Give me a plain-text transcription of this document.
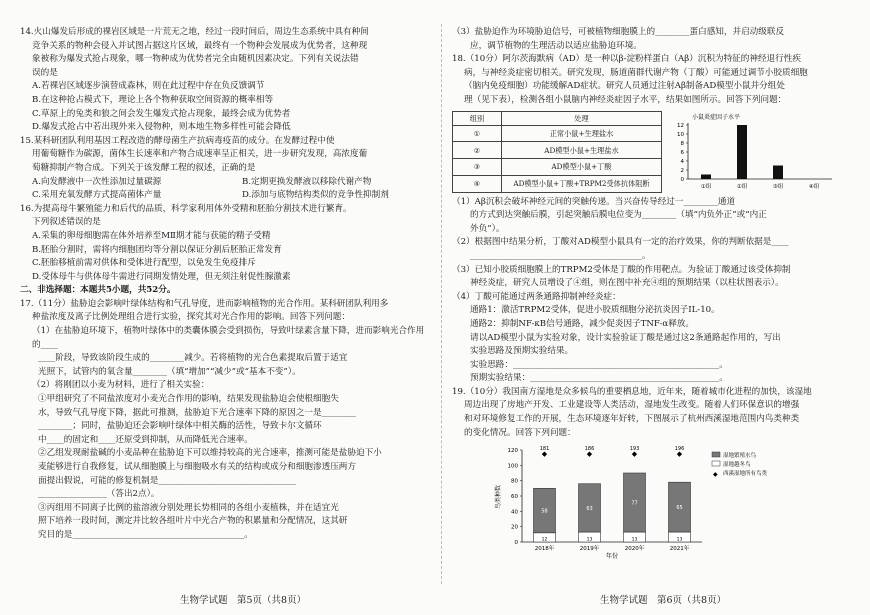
14.火山爆发后形成的裸岩区域是一片荒无之地，经过一段时间后，周边生态系统中具有种间

竞争关系的物种会侵入并试图占据这片区域，最终有一个物种会发展成为优势者，这种现

象被称为爆发式抢占现象，哪一物种成为优势者完全由随机因素决定。下列有关说法错

误的是

A.若裸岩区域逐步演替成森林，则在此过程中存在负反馈调节

B.在这种抢占模式下，理论上各个物种获取空间资源的概率相等

C.草原上的兔类和狼之间会发生爆发式抢占现象，最终会成为优势者

D.爆发式抢占中若出现外来入侵物种，则本地生物多样性可能会降低

15.某科研团队利用基因工程改造的酵母菌生产抗病毒疫苗的成分。在发酵过程中使

用葡萄糖作为碳源，菌体生长速率和产物合成速率呈正相关，进一步研究发现，高浓度葡

萄糖抑制产物合成。下列关于该发酵工程的叙述，正确的是

A.向发酵液中一次性添加过量碳源	B.定期更换发酵液以移除代谢产物

C.采用充氧发酵方式提高菌体产量	D.添加与底物结构类似的竞争性抑制剂

16.为提高母牛繁殖能力和后代的品质，科学家利用体外受精和胚胎分割技术进行繁育。

下列叙述错误的是

A.采集的卵母细胞需在体外培养至MⅡ期才能与获能的精子受精

B.胚胎分割时，需将内细胞团均等分割以保证分割后胚胎正常发育

C.胚胎移植前需对供体和受体进行配型，以免发生免疫排斥

D.受体母牛与供体母牛需进行同期发情处理，但无须注射促性腺激素

二、非选择题：本题共5小题，共52分。

17.（11分）盐胁迫会影响叶绿体结构和气孔导度，进而影响植物的光合作用。某科研团队利用多

种盐浓度及离子比例处理组合进行实验，探究其对光合作用的影响。回答下列问题：

（1）在盐胁迫环境下，植物叶绿体中的类囊体膜会受到损伤，导致叶绿素含量下降，进而影响光合作用的____

____阶段，导致该阶段生成的________减少。若将植物的光合色素提取后置于适宜

光照下，试管内的氧含量________（填“增加”“减少”或“基本不变”）。

（2）将刚团以小麦为材料，进行了相关实验：

①甲组研究了不同盐浓度对小麦光合作用的影响，结果发现盐胁迫会使根细胞失

水，导致气孔导度下降，据此可推测，盐胁迫下光合速率下降的原因之一是________

________；同时，盐胁迫还会影响叶绿体中相关酶的活性，导致卡尔文循环

中____的固定和____还原受到抑制，从而降低光合速率。

②乙组发现耐盐碱的小麦品种在盐胁迫下可以维持较高的光合速率，推测可能是盐胁迫下小

麦能够进行自我修复，试从细胞膜上与细胞吸水有关的结构或成分和细胞渗透压两方

面提出假说，可能的修复机制是________________________________

________________（答出2点）。

③丙组用不同离子比例的盐溶液分别处理长势相同的各组小麦植株，并在适宜光

照下培养一段时间，测定并比较各组叶片中光合产物的积累量和分配情况，这其研

究目的是________________________________________。

（3）盐胁迫作为环境胁迫信号，可被植物细胞膜上的________蛋白感知，并启动级联反

应，调节植物的生理活动以适应盐胁迫环境。

18.（10分）阿尔茨海默病（AD）是一种以β-淀粉样蛋白（Aβ）沉积为特征的神经退行性疾

病，与神经炎症密切相关。研究发现，肠道菌群代谢产物（丁酸）可能通过调节小胶质细胞

（脑内免疫细胞）功能缓解AD症状。研究人员通过注射Aβ制备AD模型小鼠并分组处

理（见下表），检测各组小鼠脑内神经炎症因子水平，结果如图所示。回答下列问题：

组别	处理
①	正常小鼠+生理盐水
②	AD模型小鼠+生理盐水
③	AD模型小鼠+丁酸
④	AD模型小鼠+丁酸+TRPM2受体抗体阻断
小鼠炎症因子水平
0
2
4
6
8
10
12
①组	②组	③组	④组

（1）Aβ沉积会破坏神经元间的突触传递。当兴奋传导经过一________通道

的方式到达突触后膜，引起突触后膜电位变为________（填“内负外正”或“内正

外负”）。

（2）根据图中结果分析，丁酸对AD模型小鼠具有一定的治疗效果，你的判断依据是____

________________________________________。

（3）已知小胶质细胞膜上的TRPM2受体是丁酸的作用靶点。为验证丁酸通过该受体抑制

神经炎症，研究人员增设了④组，则在图中补充④组的预期结果（以柱状图表示）。

（4）丁酸可能通过两条通路抑制神经炎症：

通路1：激活TRPM2受体，促进小胶质细胞分泌抗炎因子IL-10。

通路2：抑制NF-κB信号通路，减少促炎因子TNF-α释放。

请以AD模型小鼠为实验对象，设计实验验证丁酸是通过这2条通路起作用的，写出

实验思路及预期实验结果。

实验思路：________________________________________________。

预期实验结果：____________________________________________。

19.（10分）我国南方湿地是众多候鸟的重要栖息地，近年来，随着城市化进程的加快，该湿地

周边出现了房地产开发、工业建设等人类活动，湿地发生改变。随着人们环保意识的增强

和对环境修复工作的开展，生态环境逐年好转，下图展示了杭州西溪湿地范围内鸟类种类

的变化情况。回答下列问题：

0
20
40
60
80
100
120
鸟类种数
年份
12
58
2018年
◆
181
13
63
2019年
◆
186
13
77
2020年
◆
193
13
65
2021年
◆
196
湿地繁殖水鸟
湿地越冬鸟
◆ 西溪湿地所有鸟类
生物学试题　第5页（共8页）	生物学试题　第6页（共8页）
